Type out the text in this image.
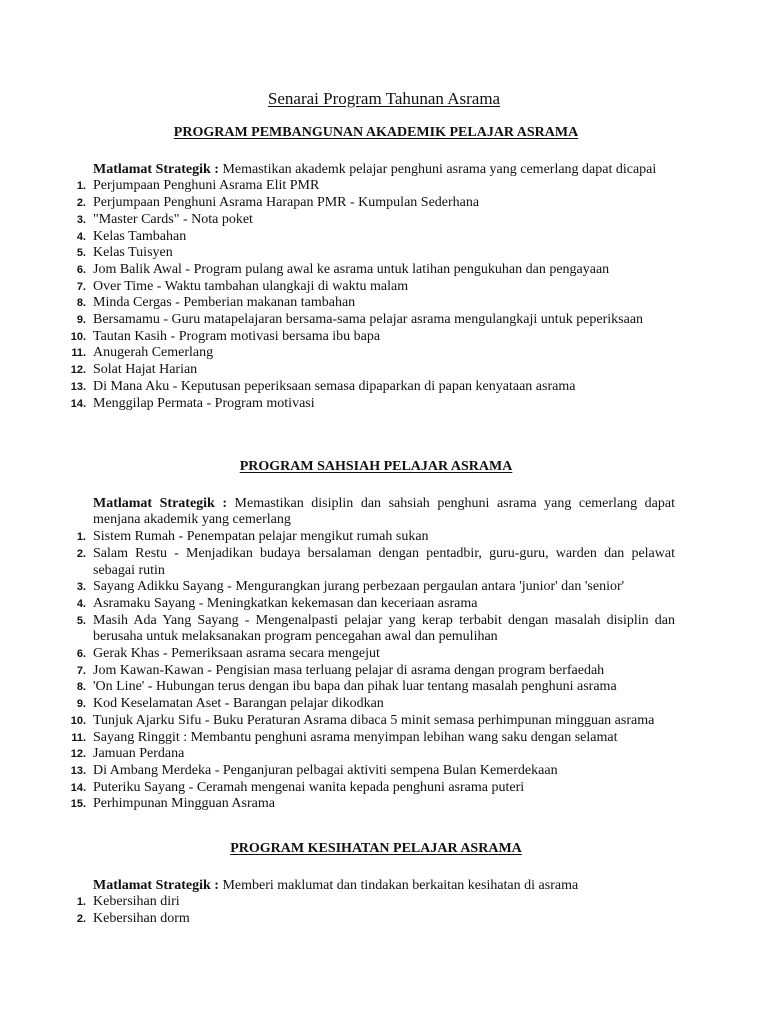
Senarai Program Tahunan Asrama
PROGRAM PEMBANGUNAN AKADEMIK PELAJAR ASRAMA

Matlamat Strategik : Memastikan akademk pelajar penghuni asrama yang cemerlang dapat dicapai

1. Perjumpaan Penghuni Asrama Elit PMR
2. Perjumpaan Penghuni Asrama Harapan PMR - Kumpulan Sederhana
3. "Master Cards" - Nota poket
4. Kelas Tambahan
5. Kelas Tuisyen
6. Jom Balik Awal - Program pulang awal ke asrama untuk latihan pengukuhan dan pengayaan
7. Over Time - Waktu tambahan ulangkaji di waktu malam
8. Minda Cergas - Pemberian makanan tambahan
9. Bersamamu - Guru matapelajaran bersama-sama pelajar asrama mengulangkaji untuk peperiksaan
10. Tautan Kasih - Program motivasi bersama ibu bapa
11. Anugerah Cemerlang
12. Solat Hajat Harian
13. Di Mana Aku - Keputusan peperiksaan semasa dipaparkan di papan kenyataan asrama
14. Menggilap Permata - Program motivasi
PROGRAM SAHSIAH PELAJAR ASRAMA

Matlamat Strategik : Memastikan disiplin dan sahsiah penghuni asrama yang cemerlang dapat menjana akademik yang cemerlang

1. Sistem Rumah - Penempatan pelajar mengikut rumah sukan
2. Salam Restu - Menjadikan budaya bersalaman dengan pentadbir, guru-guru, warden dan pelawat sebagai rutin
3. Sayang Adikku Sayang - Mengurangkan jurang perbezaan pergaulan antara 'junior' dan 'senior'
4. Asramaku Sayang - Meningkatkan kekemasan dan keceriaan asrama
5. Masih Ada Yang Sayang - Mengenalpasti pelajar yang kerap terbabit dengan masalah disiplin dan berusaha untuk melaksanakan program pencegahan awal dan pemulihan
6. Gerak Khas - Pemeriksaan asrama secara mengejut
7. Jom Kawan-Kawan - Pengisian masa terluang pelajar di asrama dengan program berfaedah
8. 'On Line' - Hubungan terus dengan ibu bapa dan pihak luar tentang masalah penghuni asrama
9. Kod Keselamatan Aset - Barangan pelajar dikodkan
10. Tunjuk Ajarku Sifu - Buku Peraturan Asrama dibaca 5 minit semasa perhimpunan mingguan asrama
11. Sayang Ringgit : Membantu penghuni asrama menyimpan lebihan wang saku dengan selamat
12. Jamuan Perdana
13. Di Ambang Merdeka - Penganjuran pelbagai aktiviti sempena Bulan Kemerdekaan
14. Puteriku Sayang - Ceramah mengenai wanita kepada penghuni asrama puteri
15. Perhimpunan Mingguan Asrama
PROGRAM KESIHATAN PELAJAR ASRAMA

Matlamat Strategik : Memberi maklumat dan tindakan berkaitan kesihatan di asrama

1. Kebersihan diri
2. Kebersihan dorm
